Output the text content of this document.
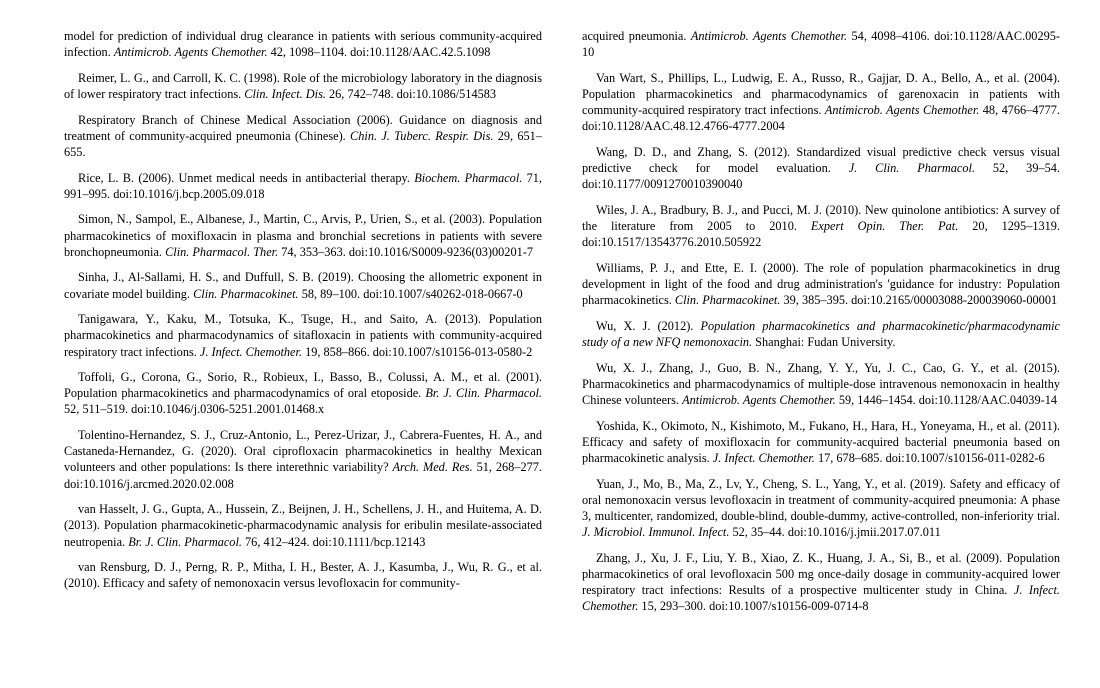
model for prediction of individual drug clearance in patients with serious community-acquired infection. Antimicrob. Agents Chemother. 42, 1098–1104. doi:10.1128/AAC.42.5.1098

Reimer, L. G., and Carroll, K. C. (1998). Role of the microbiology laboratory in the diagnosis of lower respiratory tract infections. Clin. Infect. Dis. 26, 742–748. doi:10.1086/514583

Respiratory Branch of Chinese Medical Association (2006). Guidance on diagnosis and treatment of community-acquired pneumonia (Chinese). Chin. J. Tuberc. Respir. Dis. 29, 651–655.

Rice, L. B. (2006). Unmet medical needs in antibacterial therapy. Biochem. Pharmacol. 71, 991–995. doi:10.1016/j.bcp.2005.09.018

Simon, N., Sampol, E., Albanese, J., Martin, C., Arvis, P., Urien, S., et al. (2003). Population pharmacokinetics of moxifloxacin in plasma and bronchial secretions in patients with severe bronchopneumonia. Clin. Pharmacol. Ther. 74, 353–363. doi:10.1016/S0009-9236(03)00201-7

Sinha, J., Al-Sallami, H. S., and Duffull, S. B. (2019). Choosing the allometric exponent in covariate model building. Clin. Pharmacokinet. 58, 89–100. doi:10.1007/s40262-018-0667-0

Tanigawara, Y., Kaku, M., Totsuka, K., Tsuge, H., and Saito, A. (2013). Population pharmacokinetics and pharmacodynamics of sitafloxacin in patients with community-acquired respiratory tract infections. J. Infect. Chemother. 19, 858–866. doi:10.1007/s10156-013-0580-2

Toffoli, G., Corona, G., Sorio, R., Robieux, I., Basso, B., Colussi, A. M., et al. (2001). Population pharmacokinetics and pharmacodynamics of oral etoposide. Br. J. Clin. Pharmacol. 52, 511–519. doi:10.1046/j.0306-5251.2001.01468.x

Tolentino-Hernandez, S. J., Cruz-Antonio, L., Perez-Urizar, J., Cabrera-Fuentes, H. A., and Castaneda-Hernandez, G. (2020). Oral ciprofloxacin pharmacokinetics in healthy Mexican volunteers and other populations: Is there interethnic variability? Arch. Med. Res. 51, 268–277. doi:10.1016/j.arcmed.2020.02.008

van Hasselt, J. G., Gupta, A., Hussein, Z., Beijnen, J. H., Schellens, J. H., and Huitema, A. D. (2013). Population pharmacokinetic-pharmacodynamic analysis for eribulin mesilate-associated neutropenia. Br. J. Clin. Pharmacol. 76, 412–424. doi:10.1111/bcp.12143

van Rensburg, D. J., Perng, R. P., Mitha, I. H., Bester, A. J., Kasumba, J., Wu, R. G., et al. (2010). Efficacy and safety of nemonoxacin versus levofloxacin for community-

acquired pneumonia. Antimicrob. Agents Chemother. 54, 4098–4106. doi:10.1128/AAC.00295-10

Van Wart, S., Phillips, L., Ludwig, E. A., Russo, R., Gajjar, D. A., Bello, A., et al. (2004). Population pharmacokinetics and pharmacodynamics of garenoxacin in patients with community-acquired respiratory tract infections. Antimicrob. Agents Chemother. 48, 4766–4777. doi:10.1128/AAC.48.12.4766-4777.2004

Wang, D. D., and Zhang, S. (2012). Standardized visual predictive check versus visual predictive check for model evaluation. J. Clin. Pharmacol. 52, 39–54. doi:10.1177/0091270010390040

Wiles, J. A., Bradbury, B. J., and Pucci, M. J. (2010). New quinolone antibiotics: A survey of the literature from 2005 to 2010. Expert Opin. Ther. Pat. 20, 1295–1319. doi:10.1517/13543776.2010.505922

Williams, P. J., and Ette, E. I. (2000). The role of population pharmacokinetics in drug development in light of the food and drug administration's 'guidance for industry: Population pharmacokinetics. Clin. Pharmacokinet. 39, 385–395. doi:10.2165/00003088-200039060-00001

Wu, X. J. (2012). Population pharmacokinetics and pharmacokinetic/pharmacodynamic study of a new NFQ nemonoxacin. Shanghai: Fudan University.

Wu, X. J., Zhang, J., Guo, B. N., Zhang, Y. Y., Yu, J. C., Cao, G. Y., et al. (2015). Pharmacokinetics and pharmacodynamics of multiple-dose intravenous nemonoxacin in healthy Chinese volunteers. Antimicrob. Agents Chemother. 59, 1446–1454. doi:10.1128/AAC.04039-14

Yoshida, K., Okimoto, N., Kishimoto, M., Fukano, H., Hara, H., Yoneyama, H., et al. (2011). Efficacy and safety of moxifloxacin for community-acquired bacterial pneumonia based on pharmacokinetic analysis. J. Infect. Chemother. 17, 678–685. doi:10.1007/s10156-011-0282-6

Yuan, J., Mo, B., Ma, Z., Lv, Y., Cheng, S. L., Yang, Y., et al. (2019). Safety and efficacy of oral nemonoxacin versus levofloxacin in treatment of community-acquired pneumonia: A phase 3, multicenter, randomized, double-blind, double-dummy, active-controlled, non-inferiority trial. J. Microbiol. Immunol. Infect. 52, 35–44. doi:10.1016/j.jmii.2017.07.011

Zhang, J., Xu, J. F., Liu, Y. B., Xiao, Z. K., Huang, J. A., Si, B., et al. (2009). Population pharmacokinetics of oral levofloxacin 500 mg once-daily dosage in community-acquired lower respiratory tract infections: Results of a prospective multicenter study in China. J. Infect. Chemother. 15, 293–300. doi:10.1007/s10156-009-0714-8
